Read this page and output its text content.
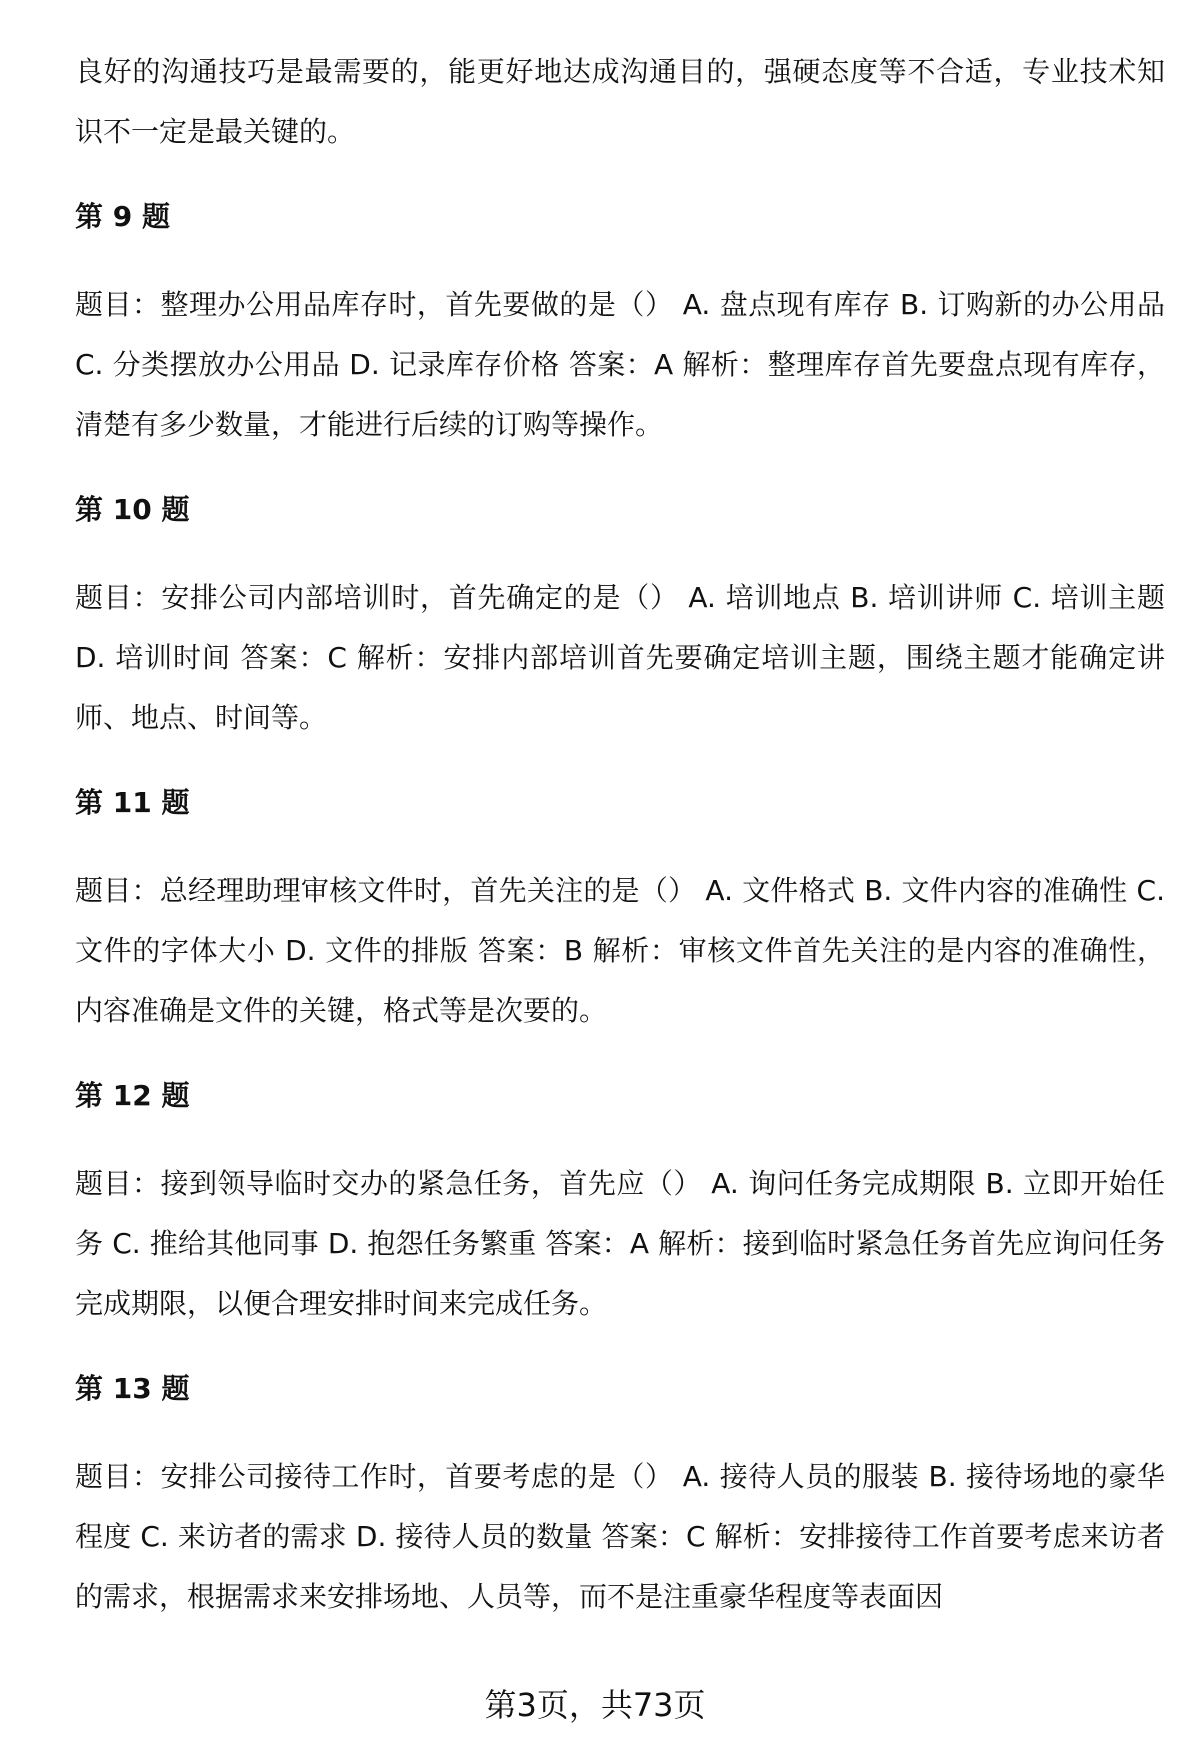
良好的沟通技巧是最需要的，能更好地达成沟通目的，强硬态度等不合适，专业技术知识不一定是最关键的。

第 9 题

题目：整理办公用品库存时，首先要做的是（） A. 盘点现有库存 B. 订购新的办公用品 C. 分类摆放办公用品 D. 记录库存价格 答案：A 解析：整理库存首先要盘点现有库存，清楚有多少数量，才能进行后续的订购等操作。

第 10 题

题目：安排公司内部培训时，首先确定的是（） A. 培训地点 B. 培训讲师 C. 培训主题 D. 培训时间 答案：C 解析：安排内部培训首先要确定培训主题，围绕主题才能确定讲师、地点、时间等。

第 11 题

题目：总经理助理审核文件时，首先关注的是（） A. 文件格式 B. 文件内容的准确性 C. 文件的字体大小 D. 文件的排版 答案：B 解析：审核文件首先关注的是内容的准确性，内容准确是文件的关键，格式等是次要的。

第 12 题

题目：接到领导临时交办的紧急任务，首先应（） A. 询问任务完成期限 B. 立即开始任务 C. 推给其他同事 D. 抱怨任务繁重 答案：A 解析：接到临时紧急任务首先应询问任务完成期限，以便合理安排时间来完成任务。

第 13 题

题目：安排公司接待工作时，首要考虑的是（） A. 接待人员的服装 B. 接待场地的豪华程度 C. 来访者的需求 D. 接待人员的数量 答案：C 解析：安排接待工作首要考虑来访者的需求，根据需求来安排场地、人员等，而不是注重豪华程度等表面因

第3页，共73页
